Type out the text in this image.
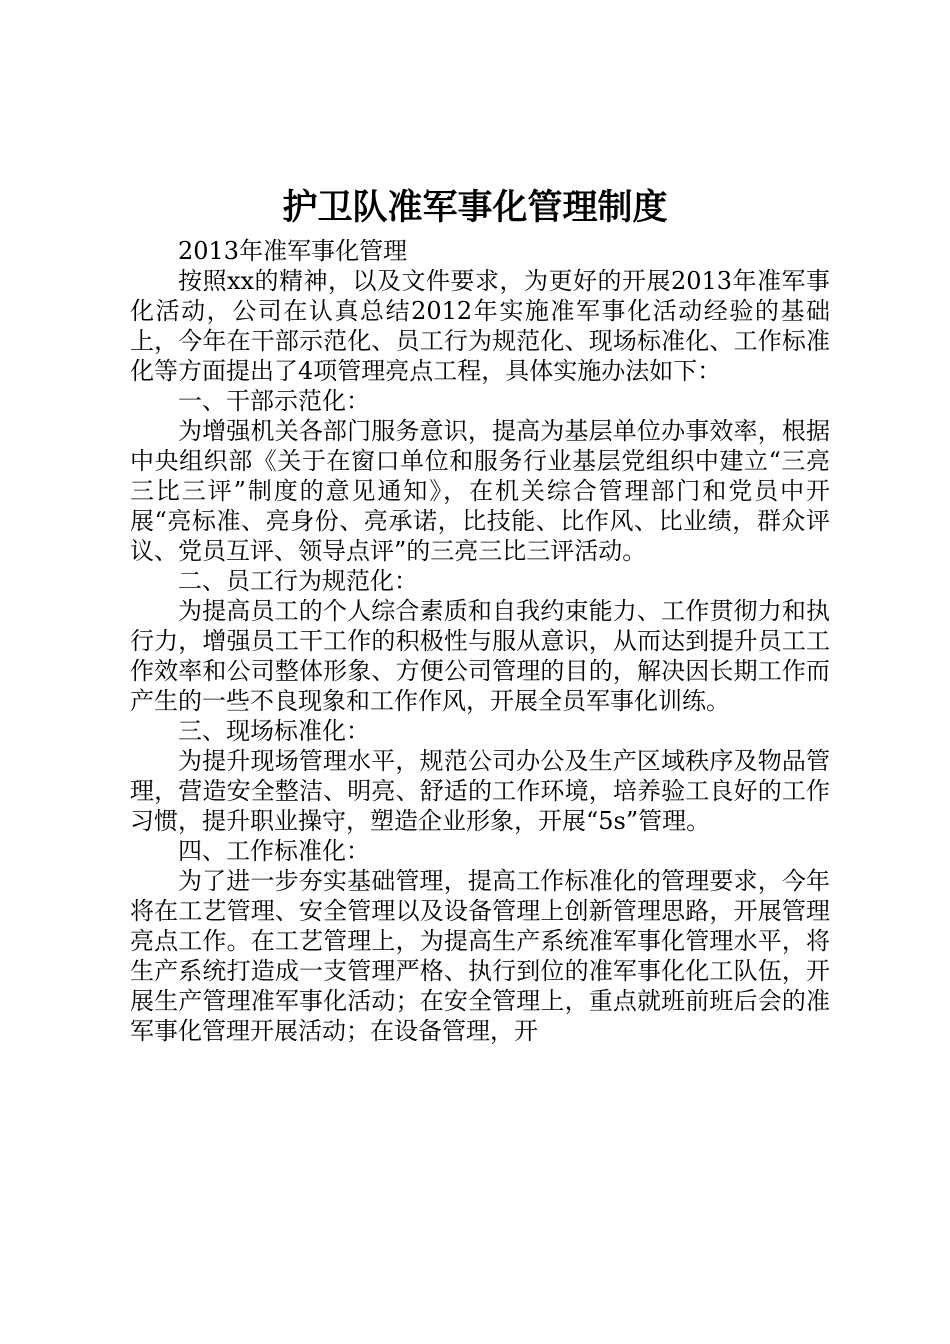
护卫队准军事化管理制度

2013年准军事化管理

按照xx的精神，以及文件要求，为更好的开展2013年准军事化活动，公司在认真总结2012年实施准军事化活动经验的基础上，今年在干部示范化、员工行为规范化、现场标准化、工作标准化等方面提出了4项管理亮点工程，具体实施办法如下：

一、干部示范化：

为增强机关各部门服务意识，提高为基层单位办事效率，根据中央组织部《关于在窗口单位和服务行业基层党组织中建立“三亮三比三评”制度的意见通知》，在机关综合管理部门和党员中开展“亮标准、亮身份、亮承诺，比技能、比作风、比业绩，群众评议、党员互评、领导点评”的三亮三比三评活动。

二、员工行为规范化：

为提高员工的个人综合素质和自我约束能力、工作贯彻力和执行力，增强员工干工作的积极性与服从意识，从而达到提升员工工作效率和公司整体形象、方便公司管理的目的，解决因长期工作而产生的一些不良现象和工作作风，开展全员军事化训练。

三、现场标准化：

为提升现场管理水平，规范公司办公及生产区域秩序及物品管理，营造安全整洁、明亮、舒适的工作环境，培养验工良好的工作习惯，提升职业操守，塑造企业形象，开展“5s”管理。

四、工作标准化：

为了进一步夯实基础管理，提高工作标准化的管理要求，今年将在工艺管理、安全管理以及设备管理上创新管理思路，开展管理亮点工作。在工艺管理上，为提高生产系统准军事化管理水平，将生产系统打造成一支管理严格、执行到位的准军事化化工队伍，开展生产管理准军事化活动；在安全管理上，重点就班前班后会的准军事化管理开展活动；在设备管理，开
